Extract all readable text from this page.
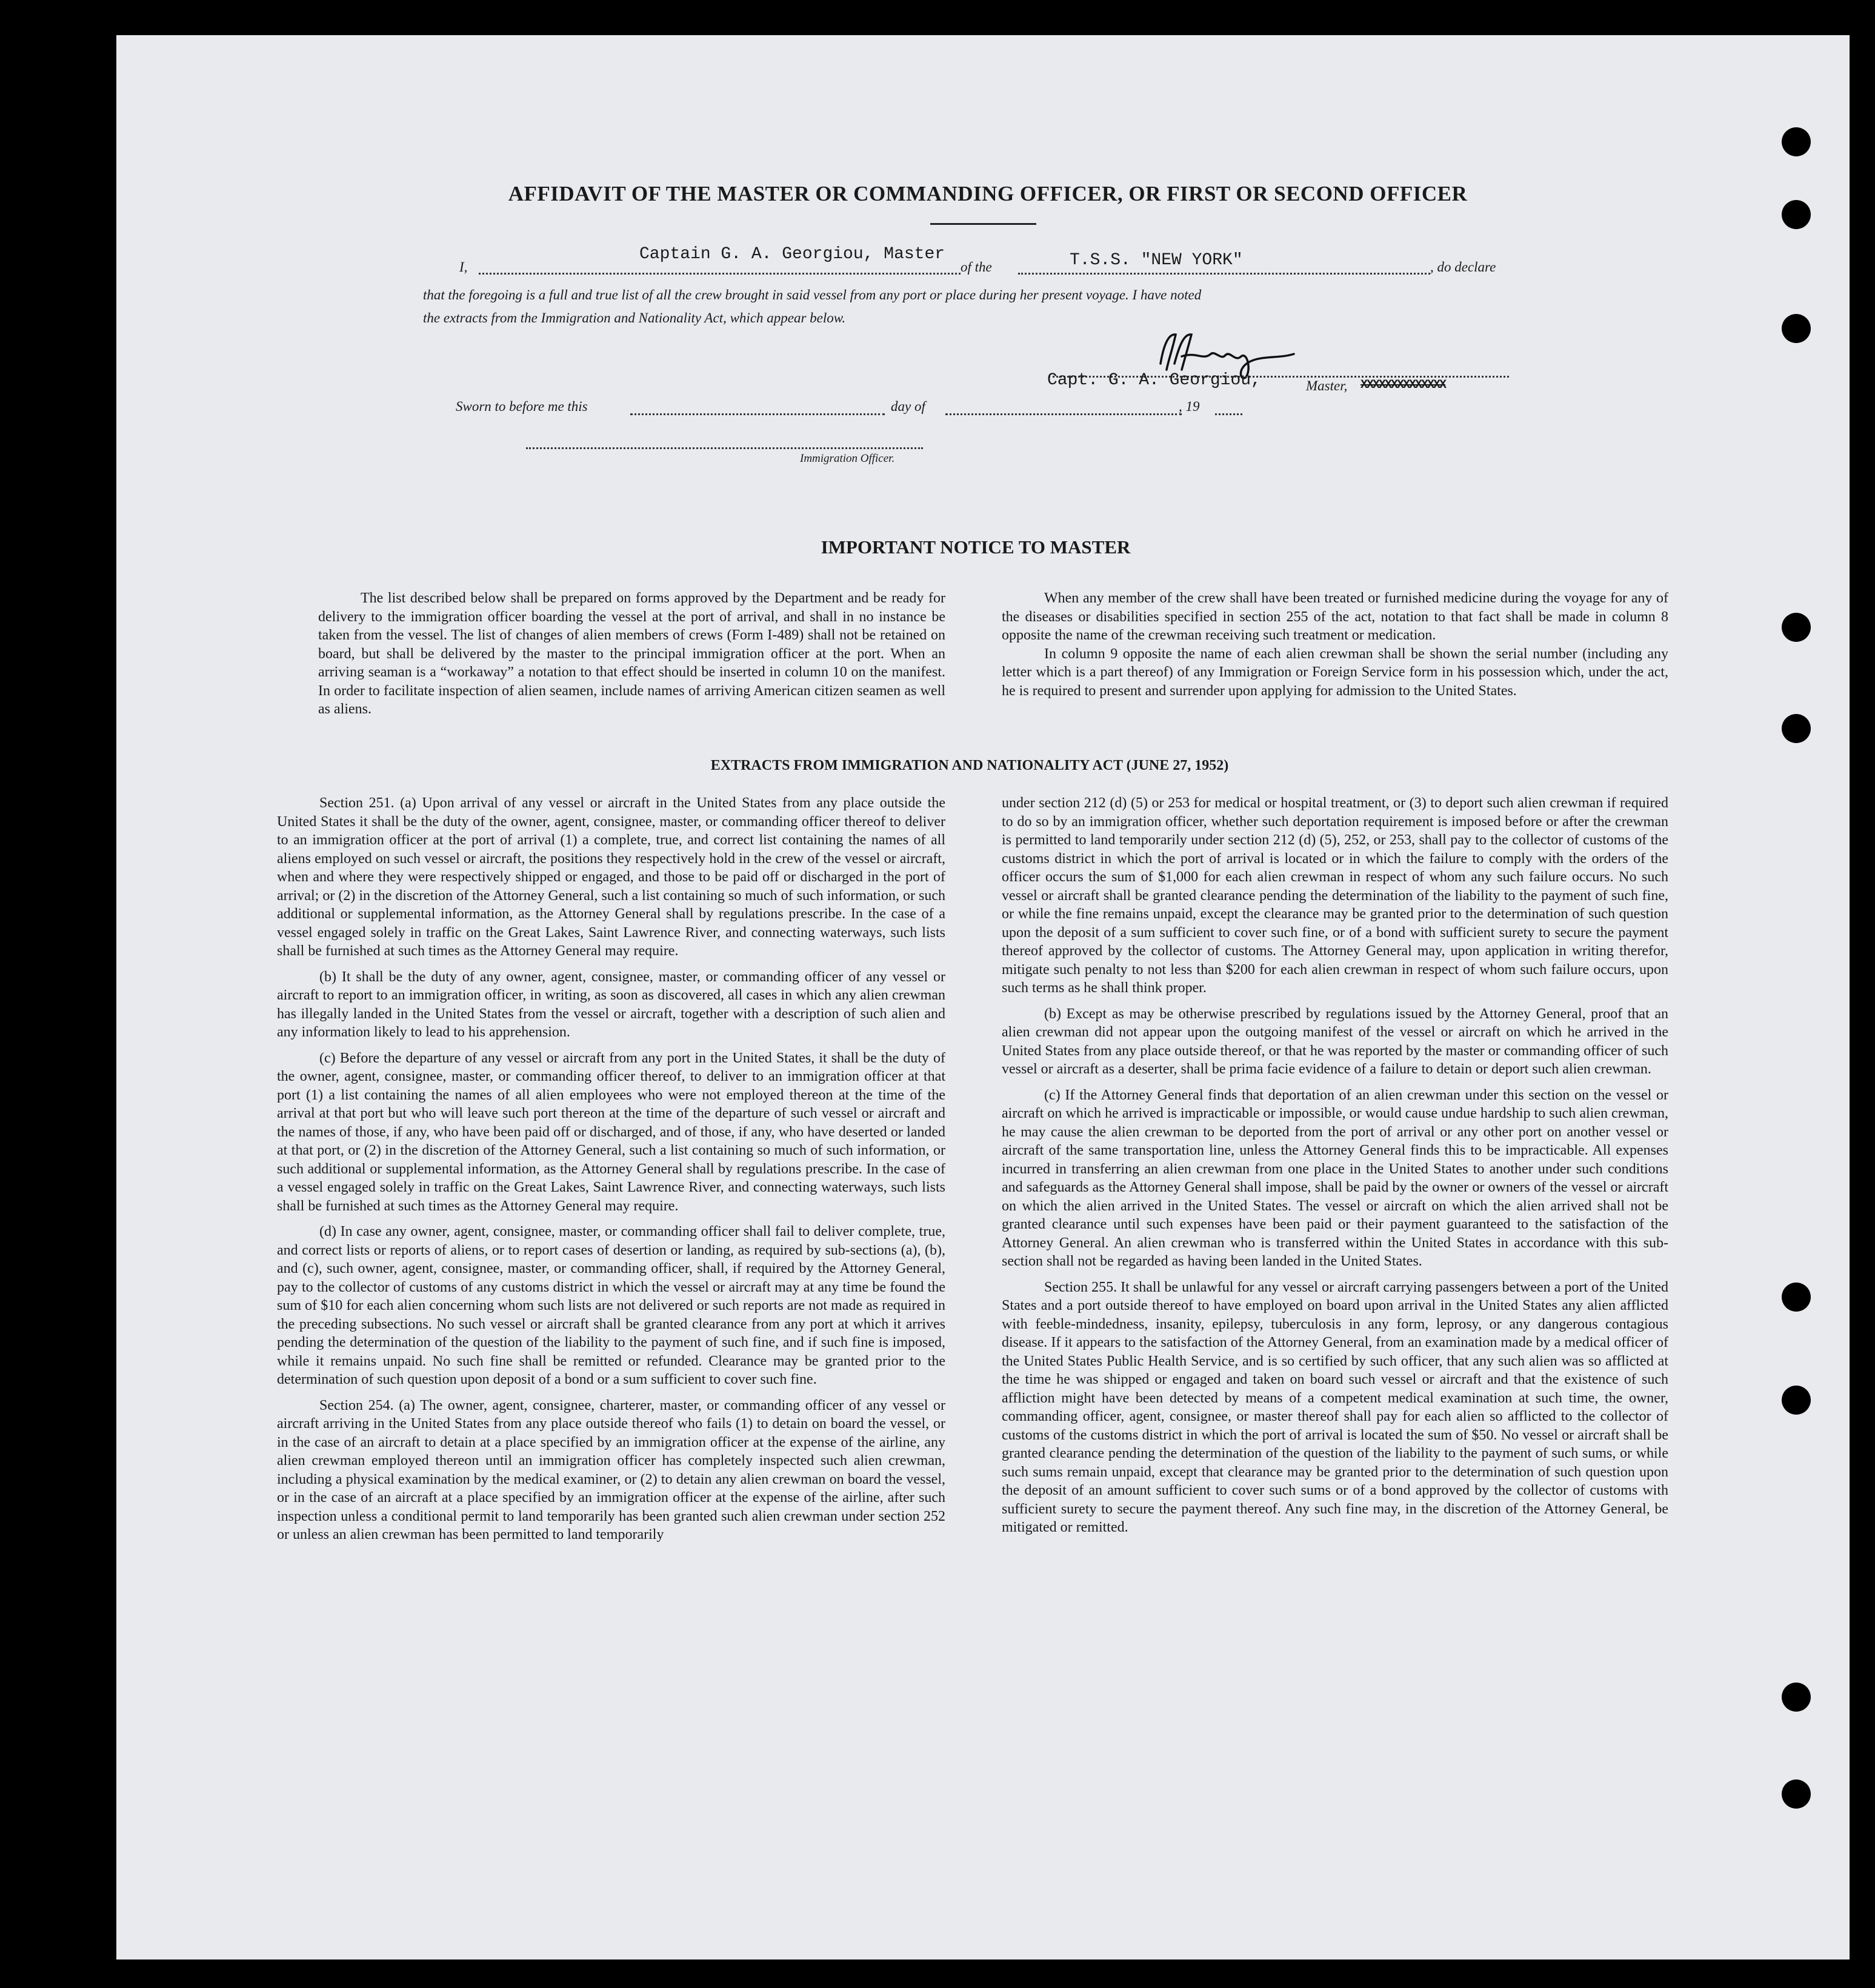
AFFIDAVIT OF THE MASTER OR COMMANDING OFFICER, OR FIRST OR SECOND OFFICER
I,
Captain G. A. Georgiou, Master
of the	T.S.S. "NEW YORK"	, do declare
that the foregoing is a full and true list of all the crew brought in said vessel from any port or place during her present voyage. I have noted
the extracts from the Immigration and Nationality Act, which appear below.
Capt. G. A. Georgiou,	Master, XXXXXXXXXXXXXX
Sworn to before me this	day of	, 19
Immigration Officer.
IMPORTANT NOTICE TO MASTER

The list described below shall be prepared on forms approved by the Department and be ready for delivery to the immigration officer boarding the vessel at the port of arrival, and shall in no instance be taken from the vessel. The list of changes of alien members of crews (Form I-489) shall not be retained on board, but shall be delivered by the master to the principal immigration officer at the port. When an arriving seaman is a “workaway” a notation to that effect should be inserted in column 10 on the manifest. In order to facilitate inspection of alien seamen, include names of arriving American citizen seamen as well as aliens.

When any member of the crew shall have been treated or furnished medicine during the voyage for any of the diseases or disabilities specified in section 255 of the act, notation to that fact shall be made in column 8 opposite the name of the crewman receiving such treatment or medication.

In column 9 opposite the name of each alien crewman shall be shown the serial number (including any letter which is a part thereof) of any Immigration or Foreign Service form in his possession which, under the act, he is required to present and surrender upon applying for admission to the United States.

EXTRACTS FROM IMMIGRATION AND NATIONALITY ACT (JUNE 27, 1952)

Section 251. (a) Upon arrival of any vessel or aircraft in the United States from any place outside the United States it shall be the duty of the owner, agent, consignee, master, or commanding officer thereof to deliver to an immigration officer at the port of arrival (1) a complete, true, and correct list containing the names of all aliens employed on such vessel or aircraft, the positions they respectively hold in the crew of the vessel or aircraft, when and where they were respectively shipped or engaged, and those to be paid off or discharged in the port of arrival; or (2) in the discretion of the Attorney General, such a list containing so much of such information, or such additional or supplemental information, as the Attorney General shall by regulations prescribe. In the case of a vessel engaged solely in traffic on the Great Lakes, Saint Lawrence River, and connecting waterways, such lists shall be furnished at such times as the Attorney General may require.

(b) It shall be the duty of any owner, agent, consignee, master, or commanding officer of any vessel or aircraft to report to an immigration officer, in writing, as soon as discovered, all cases in which any alien crewman has illegally landed in the United States from the vessel or aircraft, together with a description of such alien and any information likely to lead to his apprehension.

(c) Before the departure of any vessel or aircraft from any port in the United States, it shall be the duty of the owner, agent, consignee, master, or commanding officer thereof, to deliver to an immigration officer at that port (1) a list containing the names of all alien employees who were not employed thereon at the time of the arrival at that port but who will leave such port thereon at the time of the departure of such vessel or aircraft and the names of those, if any, who have been paid off or discharged, and of those, if any, who have deserted or landed at that port, or (2) in the discretion of the Attorney General, such a list containing so much of such information, or such additional or supplemental information, as the Attorney General shall by regulations prescribe. In the case of a vessel engaged solely in traffic on the Great Lakes, Saint Lawrence River, and connecting waterways, such lists shall be furnished at such times as the Attorney General may require.

(d) In case any owner, agent, consignee, master, or commanding officer shall fail to deliver complete, true, and correct lists or reports of aliens, or to report cases of desertion or landing, as required by sub-sections (a), (b), and (c), such owner, agent, consignee, master, or commanding officer, shall, if required by the Attorney General, pay to the collector of customs of any customs district in which the vessel or aircraft may at any time be found the sum of $10 for each alien concerning whom such lists are not delivered or such reports are not made as required in the preceding subsections. No such vessel or aircraft shall be granted clearance from any port at which it arrives pending the determination of the question of the liability to the payment of such fine, and if such fine is imposed, while it remains unpaid. No such fine shall be remitted or refunded. Clearance may be granted prior to the determination of such question upon deposit of a bond or a sum sufficient to cover such fine.

Section 254. (a) The owner, agent, consignee, charterer, master, or commanding officer of any vessel or aircraft arriving in the United States from any place outside thereof who fails (1) to detain on board the vessel, or in the case of an aircraft to detain at a place specified by an immigration officer at the expense of the airline, any alien crewman employed thereon until an immigration officer has completely inspected such alien crewman, including a physical examination by the medical examiner, or (2) to detain any alien crewman on board the vessel, or in the case of an aircraft at a place specified by an immigration officer at the expense of the airline, after such inspection unless a conditional permit to land temporarily has been granted such alien crewman under section 252 or unless an alien crewman has been permitted to land temporarily

under section 212 (d) (5) or 253 for medical or hospital treatment, or (3) to deport such alien crewman if required to do so by an immigration officer, whether such deportation requirement is imposed before or after the crewman is permitted to land temporarily under section 212 (d) (5), 252, or 253, shall pay to the collector of customs of the customs district in which the port of arrival is located or in which the failure to comply with the orders of the officer occurs the sum of $1,000 for each alien crewman in respect of whom any such failure occurs. No such vessel or aircraft shall be granted clearance pending the determination of the liability to the payment of such fine, or while the fine remains unpaid, except the clearance may be granted prior to the determination of such question upon the deposit of a sum sufficient to cover such fine, or of a bond with sufficient surety to secure the payment thereof approved by the collector of customs. The Attorney General may, upon application in writing therefor, mitigate such penalty to not less than $200 for each alien crewman in respect of whom such failure occurs, upon such terms as he shall think proper.

(b) Except as may be otherwise prescribed by regulations issued by the Attorney General, proof that an alien crewman did not appear upon the outgoing manifest of the vessel or aircraft on which he arrived in the United States from any place outside thereof, or that he was reported by the master or commanding officer of such vessel or aircraft as a deserter, shall be prima facie evidence of a failure to detain or deport such alien crewman.

(c) If the Attorney General finds that deportation of an alien crewman under this section on the vessel or aircraft on which he arrived is impracticable or impossible, or would cause undue hardship to such alien crewman, he may cause the alien crewman to be deported from the port of arrival or any other port on another vessel or aircraft of the same transportation line, unless the Attorney General finds this to be impracticable. All expenses incurred in transferring an alien crewman from one place in the United States to another under such conditions and safeguards as the Attorney General shall impose, shall be paid by the owner or owners of the vessel or aircraft on which the alien arrived in the United States. The vessel or aircraft on which the alien arrived shall not be granted clearance until such expenses have been paid or their payment guaranteed to the satisfaction of the Attorney General. An alien crewman who is transferred within the United States in accordance with this sub-section shall not be regarded as having been landed in the United States.

Section 255. It shall be unlawful for any vessel or aircraft carrying passengers between a port of the United States and a port outside thereof to have employed on board upon arrival in the United States any alien afflicted with feeble-mindedness, insanity, epilepsy, tuberculosis in any form, leprosy, or any dangerous contagious disease. If it appears to the satisfaction of the Attorney General, from an examination made by a medical officer of the United States Public Health Service, and is so certified by such officer, that any such alien was so afflicted at the time he was shipped or engaged and taken on board such vessel or aircraft and that the existence of such affliction might have been detected by means of a competent medical examination at such time, the owner, commanding officer, agent, consignee, or master thereof shall pay for each alien so afflicted to the collector of customs of the customs district in which the port of arrival is located the sum of $50. No vessel or aircraft shall be granted clearance pending the determination of the question of the liability to the payment of such sums, or while such sums remain unpaid, except that clearance may be granted prior to the determination of such question upon the deposit of an amount sufficient to cover such sums or of a bond approved by the collector of customs with sufficient surety to secure the payment thereof. Any such fine may, in the discretion of the Attorney General, be mitigated or remitted.
